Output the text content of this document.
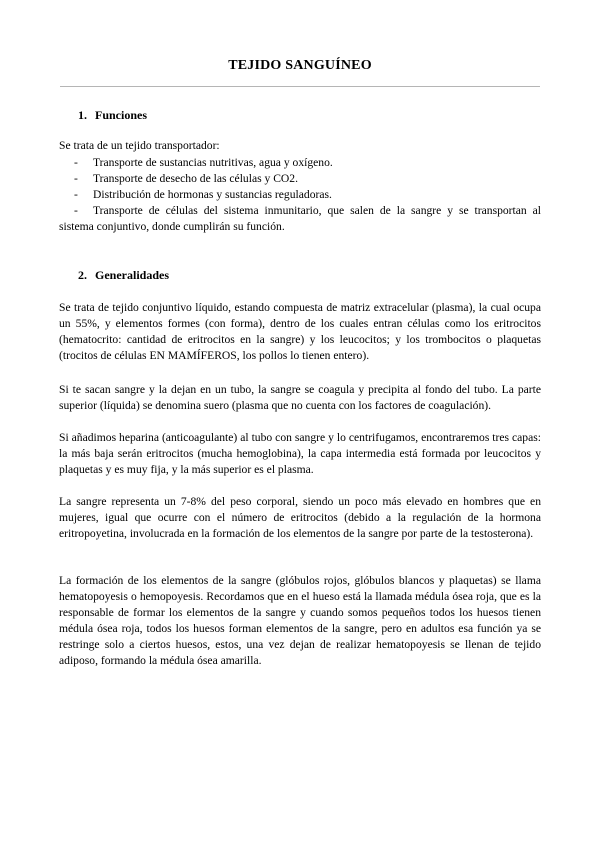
TEJIDO SANGUÍNEO
1. Funciones
Se trata de un tejido transportador:
- Transporte de sustancias nutritivas, agua y oxígeno.
- Transporte de desecho de las células y CO2.
- Distribución de hormonas y sustancias reguladoras.
- Transporte de células del sistema inmunitario, que salen de la sangre y se transportan al
sistema conjuntivo, donde cumplirán su función.
2. Generalidades
Se trata de tejido conjuntivo líquido, estando compuesta de matriz extracelular (plasma), la cual ocupa un 55%, y elementos formes (con forma), dentro de los cuales entran células como los eritrocitos (hematocrito: cantidad de eritrocitos en la sangre) y los leucocitos; y los trombocitos o plaquetas (trocitos de células EN MAMÍFEROS, los pollos lo tienen entero).
Si te sacan sangre y la dejan en un tubo, la sangre se coagula y precipita al fondo del tubo. La parte superior (líquida) se denomina suero (plasma que no cuenta con los factores de coagulación).
Si añadimos heparina (anticoagulante) al tubo con sangre y lo centrifugamos, encontraremos tres capas: la más baja serán eritrocitos (mucha hemoglobina), la capa intermedia está formada por leucocitos y plaquetas y es muy fija, y la más superior es el plasma.
La sangre representa un 7-8% del peso corporal, siendo un poco más elevado en hombres que en mujeres, igual que ocurre con el número de eritrocitos (debido a la regulación de la hormona eritropoyetina, involucrada en la formación de los elementos de la sangre por parte de la testosterona).
La formación de los elementos de la sangre (glóbulos rojos, glóbulos blancos y plaquetas) se llama hematopoyesis o hemopoyesis. Recordamos que en el hueso está la llamada médula ósea roja, que es la responsable de formar los elementos de la sangre y cuando somos pequeños todos los huesos tienen médula ósea roja, todos los huesos forman elementos de la sangre, pero en adultos esa función ya se restringe solo a ciertos huesos, estos, una vez dejan de realizar hematopoyesis se llenan de tejido adiposo, formando la médula ósea amarilla.
